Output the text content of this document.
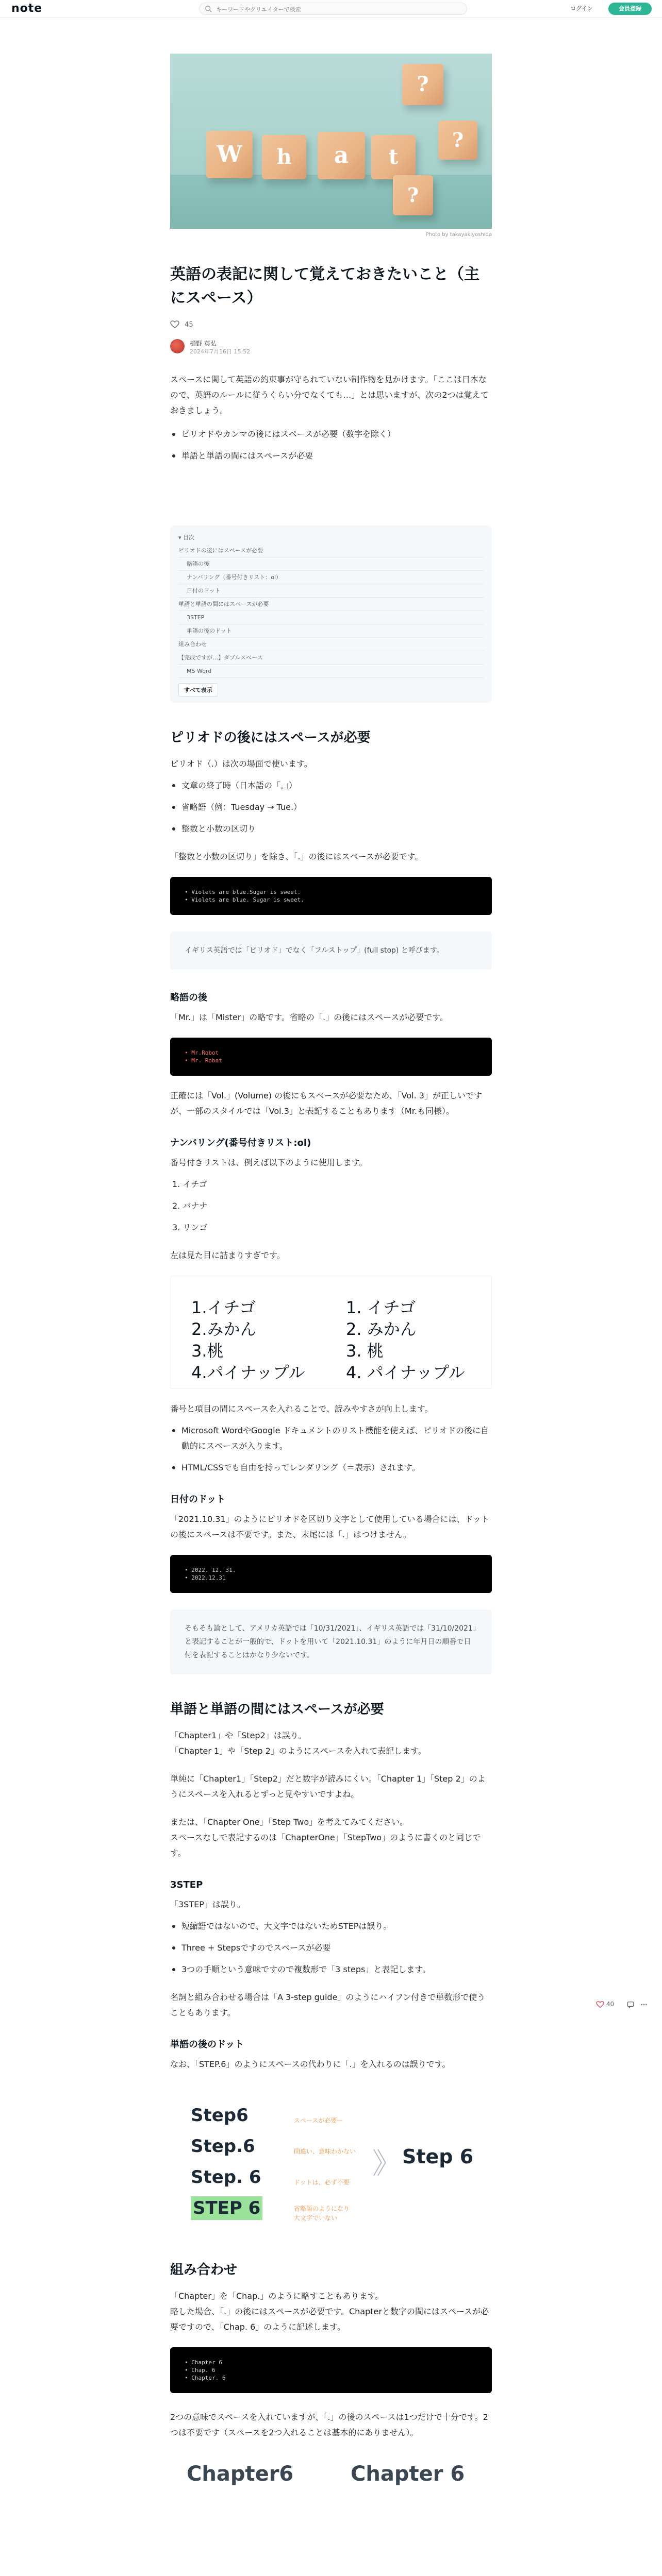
note
キーワードやクリエイターで検索	ログイン	会員登録
W	h	a	t
?
?
?
Photo by takayakiyoshida
英語の表記に関して覚えておきたいこと（主にスペース）
45
樋野 英弘
2024年7月16日 15:52

スペースに関して英語の約束事が守られていない制作物を見かけます。「ここは日本なので、英語のルールに従うくらい分でなくても…」とは思いますが、次の2つは覚えておきましょう。

ピリオドやカンマの後にはスペースが必要（数字を除く）
単語と単語の間にはスペースが必要
▾ 目次
ピリオドの後にはスペースが必要
略語の後
ナンバリング（番号付きリスト：ol）
日付のドット
単語と単語の間にはスペースが必要
3STEP
単語の後のドット
組み合わせ
【完成ですが…】ダブルスペース
MS Word
すべて表示
ピリオドの後にはスペースが必要

ピリオド（.）は次の場面で使います。

文章の終了時（日本語の「。」）
省略語（例：Tuesday → Tue.）
整数と小数の区切り

「整数と小数の区切り」を除き、「.」の後にはスペースが必要です。

• Violets are blue.Sugar is sweet.
• Violets are blue. Sugar is sweet.
イギリス英語では「ピリオド」でなく「フルストップ」(full stop) と呼びます。
略語の後

「Mr.」は「Mister」の略です。省略の「.」の後にはスペースが必要です。

• Mr.Robot
• Mr. Robot

正確には「Vol.」(Volume) の後にもスペースが必要なため、「Vol. 3」が正しいですが、一部のスタイルでは「Vol.3」と表記することもあります（Mr.も同様）。

ナンバリング(番号付きリスト:ol)

番号付きリストは、例えば以下のように使用します。

1. イチゴ
2. バナナ
3. リンゴ

左は見た目に詰まりすぎです。

1.イチゴ
2.みかん
3.桃
4.パイナップル
1. イチゴ
2. みかん
3. 桃
4. パイナップル

番号と項目の間にスペースを入れることで、読みやすさが向上します。

Microsoft WordやGoogle ドキュメントのリスト機能を使えば、ピリオドの後に自動的にスペースが入ります。
HTML/CSSでも自由を持ってレンダリング（＝表示）されます。
日付のドット

「2021.10.31」のようにピリオドを区切り文字として使用している場合には、ドットの後にスペースは不要です。また、末尾には「.」はつけません。

• 2022. 12. 31.
• 2022.12.31
そもそも論として、アメリカ英語では「10/31/2021」、イギリス英語では「31/10/2021」と表記することが一般的で、ドットを用いて「2021.10.31」のように年月日の順番で日付を表記することはかなり少ないです。
単語と単語の間にはスペースが必要

「Chapter1」や「Step2」は誤り。
「Chapter 1」や「Step 2」のようにスペースを入れて表記します。

単純に「Chapter1」「Step2」だと数字が読みにくい。「Chapter 1」「Step 2」のようにスペースを入れるとずっと見やすいですよね。

または、「Chapter One」「Step Two」を考えてみてください。
スペースなしで表記するのは「ChapterOne」「StepTwo」のように書くのと同じです。

3STEP

「3STEP」は誤り。

短縮語ではないので、大文字ではないためSTEPは誤り。
Three + Stepsですのでスペースが必要
3つの手順という意味ですので複数形で「3 steps」と表記します。

名詞と組み合わせる場合は「A 3-step guide」のようにハイフン付きで単数形で使うこともあります。

単語の後のドット

なお、「STEP.6」のようにスペースの代わりに「.」を入れるのは誤りです。

Step6
Step.6
Step. 6
STEP 6
スペースが必要ー
間違い、意味わかない
ドットは、必ず不要
省略語のようになり
大文字でいない
》 Step 6
組み合わせ

「Chapter」を「Chap.」のように略すこともあります。
略した場合、「.」の後にはスペースが必要です。Chapterと数字の間にはスペースが必要ですので、「Chap. 6」のように記述します。

• Chapter 6
• Chap. 6
• Chapter. 6

2つの意味でスペースを入れていますが、「.」の後のスペースは1つだけで十分です。2つは不要です（スペースを2つ入れることは基本的にありません）。

Chapter6	Chapter 6
40
